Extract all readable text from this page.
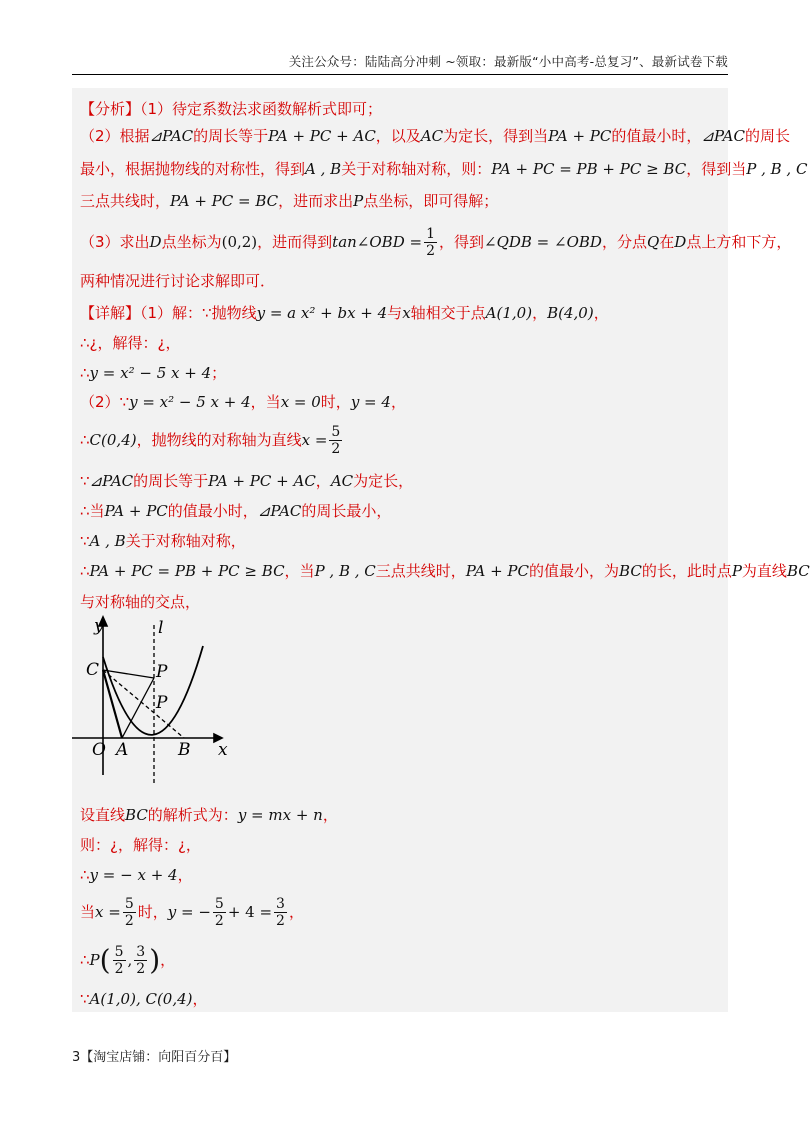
关注公众号：陆陆高分冲刺 ~领取：最新版“小中高考-总复习”、最新试卷下载
【分析】（1）待定系数法求函数解析式即可；
（2）根据⊿PAC的周长等于PA + PC + AC，以及AC为定长，得到当PA + PC的值最小时，⊿PAC的周长
最小，根据抛物线的对称性，得到A , B关于对称轴对称，则：PA + PC = PB + PC ≥ BC，得到当P , B , C
三点共线时，PA + PC = BC，进而求出P点坐标，即可得解；
（3）求出D点坐标为(0,2)，进而得到tan∠OBD = $\frac{1}{2}$ ，得到∠QDB = ∠OBD，分点Q在D点上方和下方，
两种情况进行讨论求解即可．
【详解】（1）解：∵抛物线y = a x² + bx + 4与x轴相交于点A(1,0)，B(4,0)，
∴¿，解得：¿，
∴y = x² − 5 x + 4；
（2）∵y = x² − 5 x + 4，当x = 0时，y = 4，
∴C(0,4)，抛物线的对称轴为直线$x = \frac{5}{2}$
∵⊿PAC的周长等于PA + PC + AC，AC为定长，
∴当PA + PC的值最小时，⊿PAC的周长最小，
∵A , B关于对称轴对称，
∴PA + PC = PB + PC ≥ BC，当P , B , C三点共线时，PA + PC的值最小，为BC的长，此时点P为直线BC
与对称轴的交点，
y	l
C	P
P
O A	B x
设直线BC的解析式为：y = mx + n，
则：¿，解得：¿，
∴y = − x + 4，
当$x = \frac{5}{2}$ 时，y = − $\frac{5}{2} + 4 = \frac{3}{2}$ ，
∴P( $\frac{5}{2}$ , $\frac{3}{2}$ )，
∵A(1,0), C(0,4)，
3【淘宝店铺：向阳百分百】
